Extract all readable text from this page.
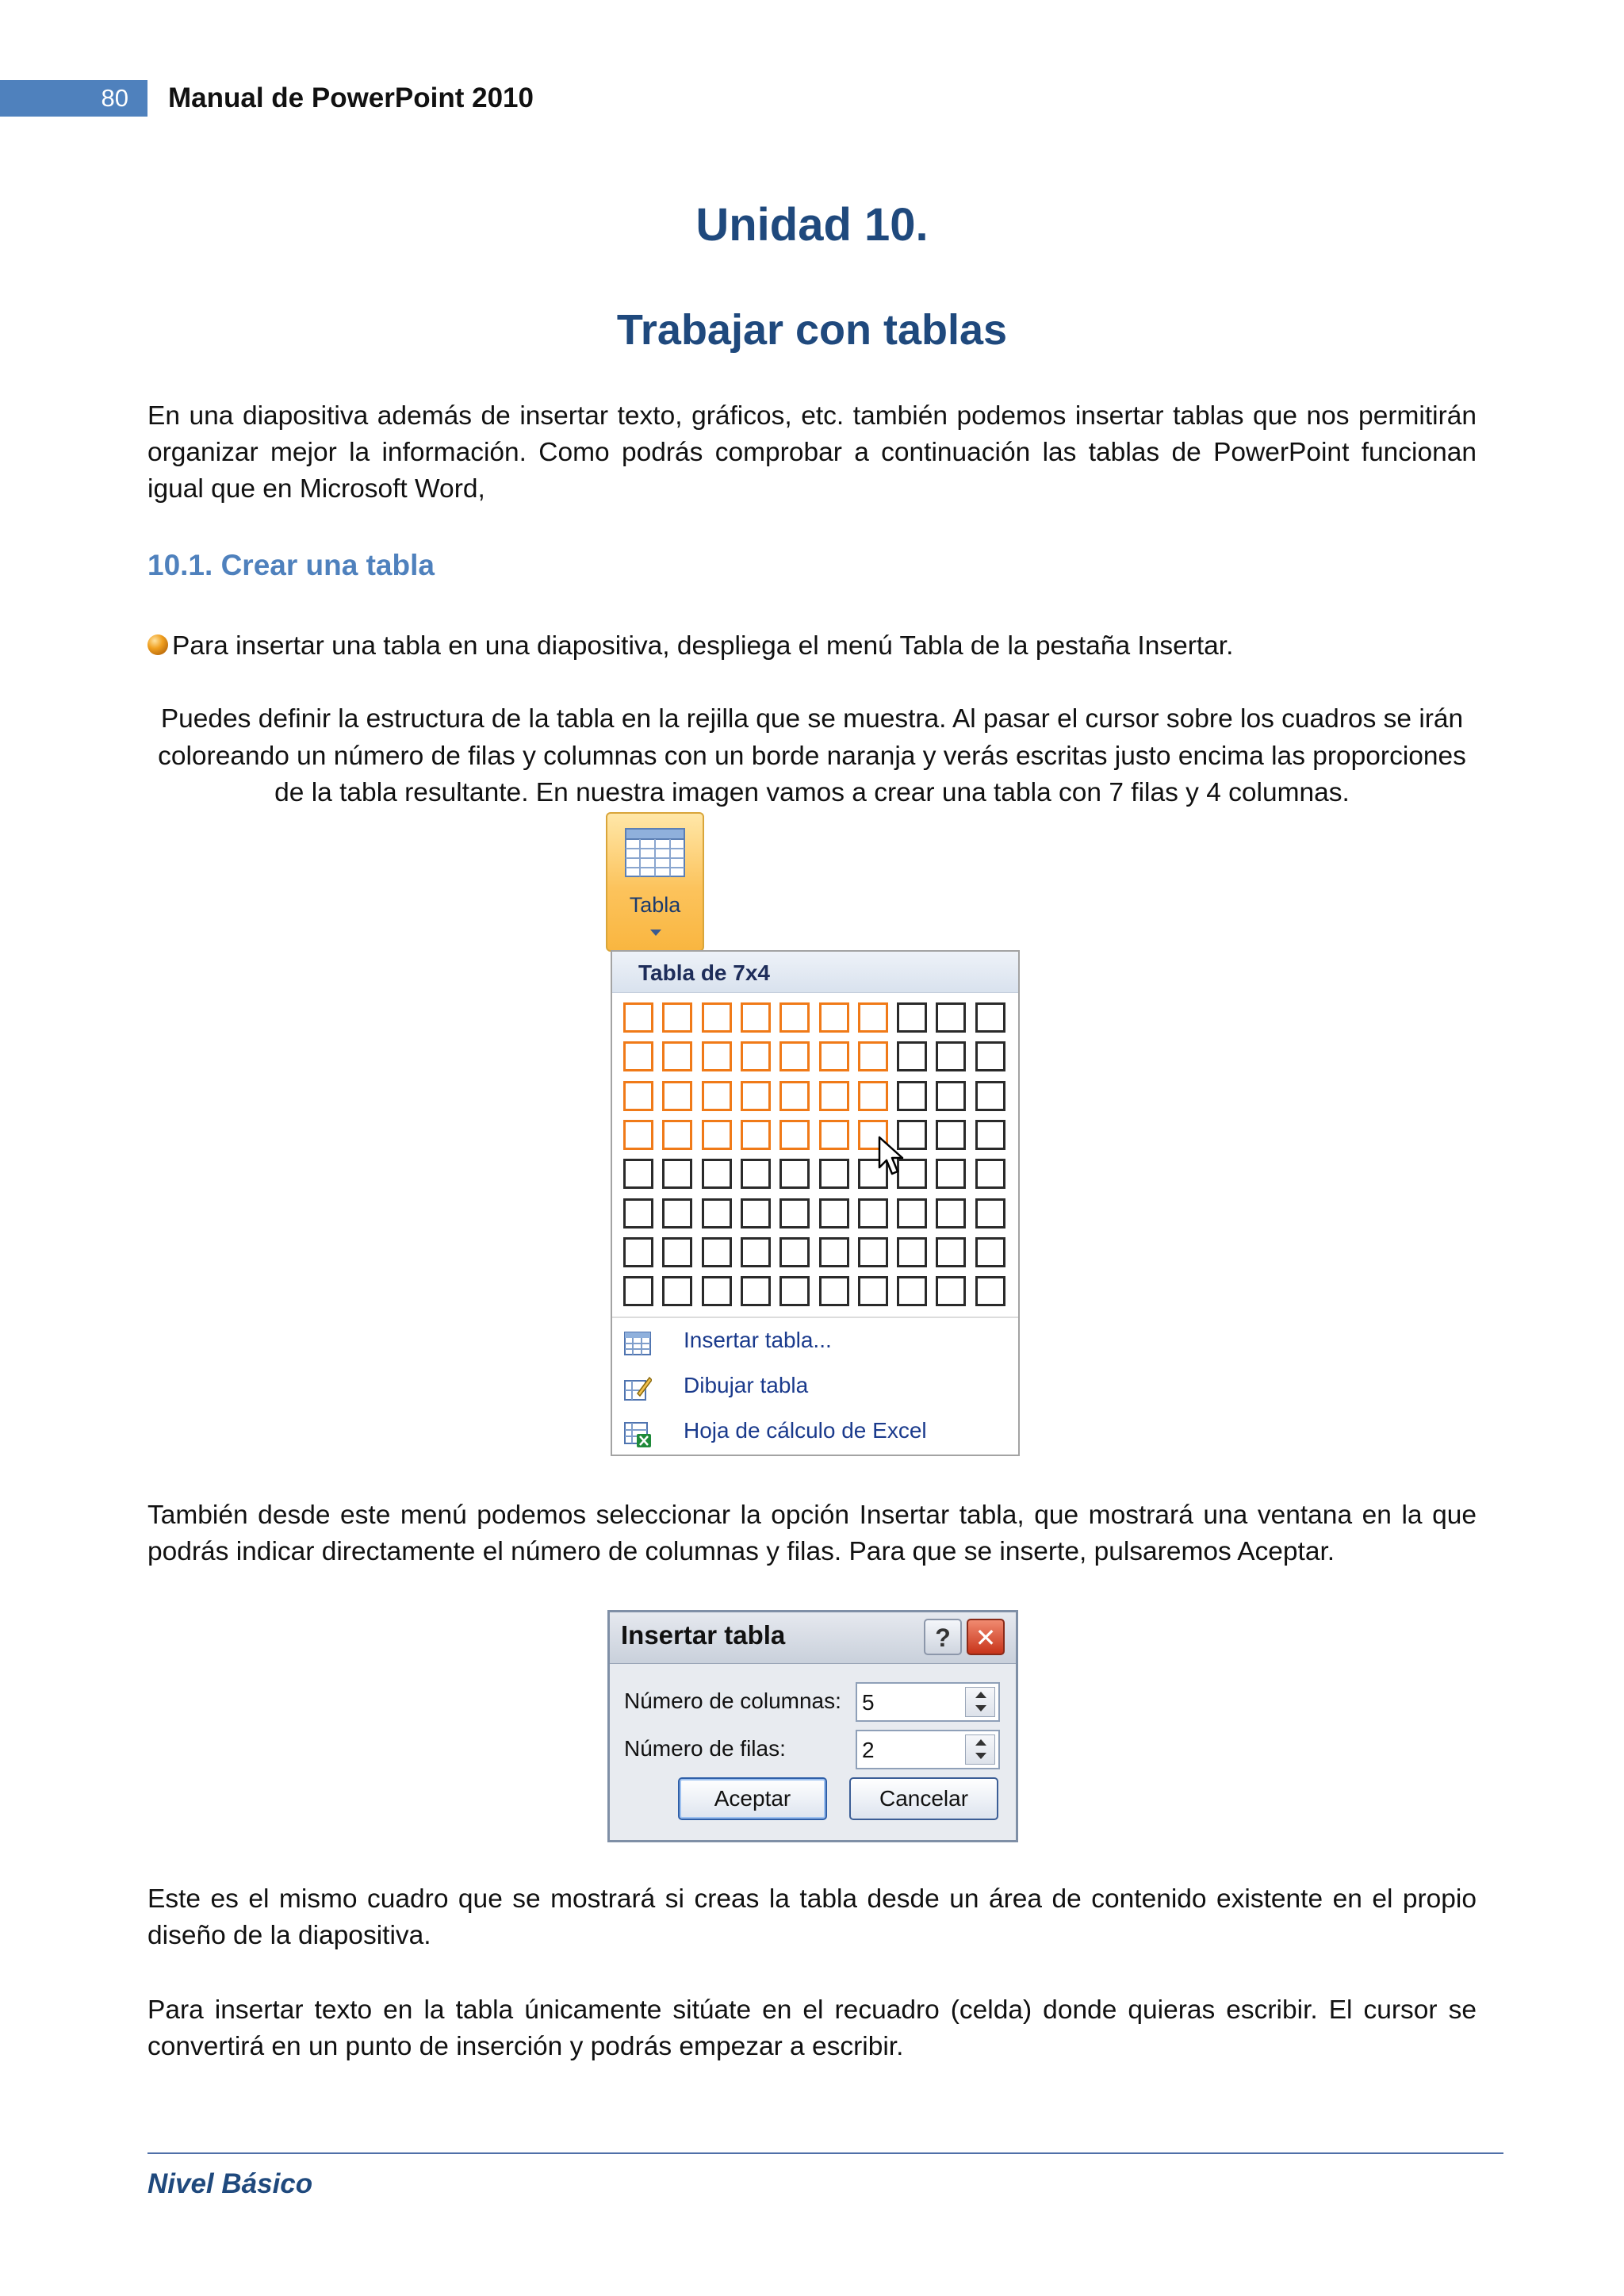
80	Manual de PowerPoint 2010
Unidad 10.
Trabajar con tablas
En una diapositiva además de insertar texto, gráficos, etc. también podemos insertar tablas que nos permitirán organizar mejor la información. Como podrás comprobar a continuación las tablas de PowerPoint funcionan igual que en Microsoft Word,
10.1. Crear una tabla
Para insertar una tabla en una diapositiva, despliega el menú Tabla de la pestaña Insertar.
Puedes definir la estructura de la tabla en la rejilla que se muestra. Al pasar el cursor sobre los cuadros se irán coloreando un número de filas y columnas con un borde naranja y verás escritas justo encima las proporciones de la tabla resultante. En nuestra imagen vamos a crear una tabla con 7 filas y 4 columnas.
Tabla
Tabla de 7x4
Insertar tabla...
Dibujar tabla
Hoja de cálculo de Excel
También desde este menú podemos seleccionar la opción Insertar tabla, que mostrará una ventana en la que podrás indicar directamente el número de columnas y filas. Para que se inserte, pulsaremos Aceptar.
Insertar tabla	? ✕
Número de columnas: 5
Número de filas:	2
Aceptar	Cancelar
Este es el mismo cuadro que se mostrará si creas la tabla desde un área de contenido existente en el propio diseño de la diapositiva.
Para insertar texto en la tabla únicamente sitúate en el recuadro (celda) donde quieras escribir. El cursor se convertirá en un punto de inserción y podrás empezar a escribir.
Nivel Básico
